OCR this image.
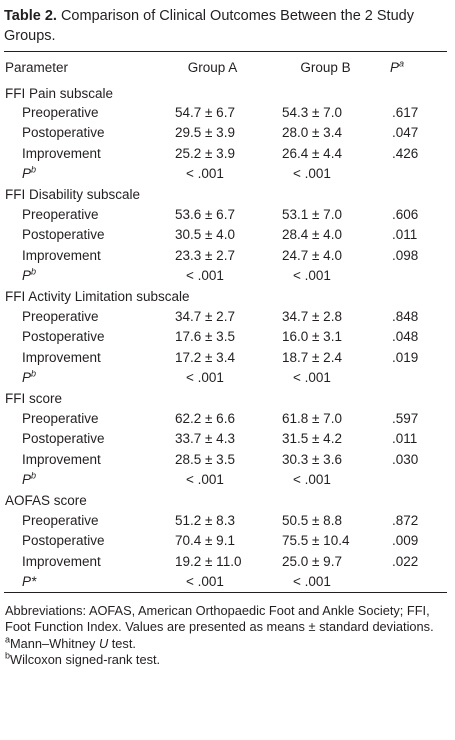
Table 2. Comparison of Clinical Outcomes Between the 2 Study Groups.
Parameter	Group A	Group B	$P^a$
FFI Pain subscale			
Preoperative	54.7 ± 6.7	54.3 ± 7.0	.617
Postoperative	29.5 ± 3.9	28.0 ± 3.4	.047
Improvement	25.2 ± 3.9	26.4 ± 4.4	.426
$P^b$	< .001	< .001	
FFI Disability subscale			
Preoperative	53.6 ± 6.7	53.1 ± 7.0	.606
Postoperative	30.5 ± 4.0	28.4 ± 4.0	.011
Improvement	23.3 ± 2.7	24.7 ± 4.0	.098
$P^b$	< .001	< .001	
FFI Activity Limitation subscale			
Preoperative	34.7 ± 2.7	34.7 ± 2.8	.848
Postoperative	17.6 ± 3.5	16.0 ± 3.1	.048
Improvement	17.2 ± 3.4	18.7 ± 2.4	.019
$P^b$	< .001	< .001	
FFI score			
Preoperative	62.2 ± 6.6	61.8 ± 7.0	.597
Postoperative	33.7 ± 4.3	31.5 ± 4.2	.011
Improvement	28.5 ± 3.5	30.3 ± 3.6	.030
$P^b$	< .001	< .001	
AOFAS score			
Preoperative	51.2 ± 8.3	50.5 ± 8.8	.872
Postoperative	70.4 ± 9.1	75.5 ± 10.4	.009
Improvement	19.2 ± 11.0	25.0 ± 9.7	.022
P*	< .001	< .001	

Abbreviations: AOFAS, American Orthopaedic Foot and Ankle Society; FFI, Foot Function Index. Values are presented as means ± standard deviations.

$^a$Mann–Whitney U test.

$^b$Wilcoxon signed-rank test.
